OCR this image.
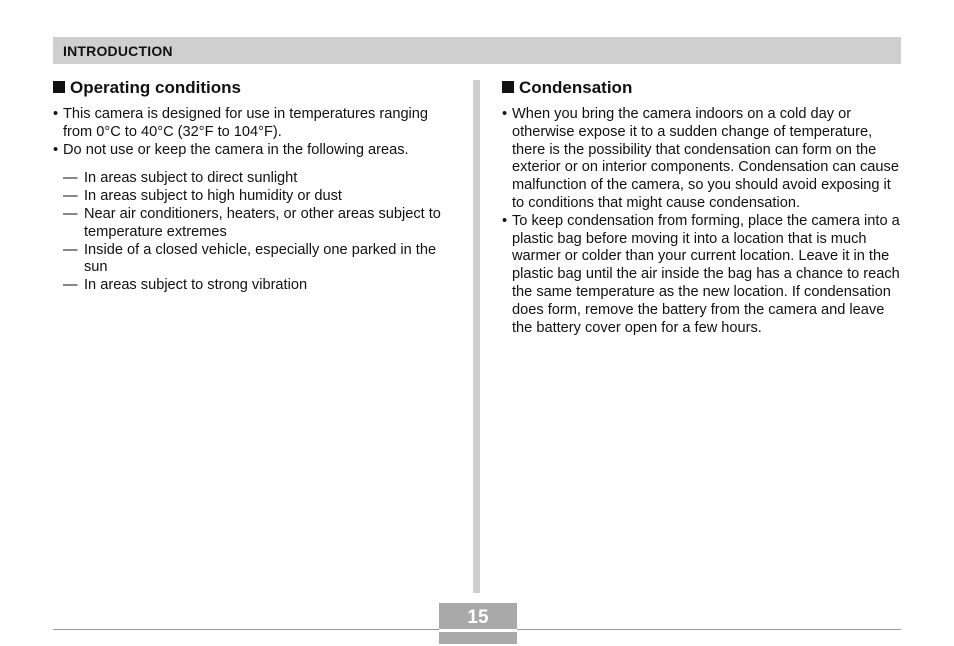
INTRODUCTION
Operating conditions
• This camera is designed for use in temperatures ranging from 0°C to 40°C (32°F to 104°F).
• Do not use or keep the camera in the following areas.
— In areas subject to direct sunlight
— In areas subject to high humidity or dust
— Near air conditioners, heaters, or other areas subject to temperature extremes
— Inside of a closed vehicle, especially one parked in the sun
— In areas subject to strong vibration
Condensation
• When you bring the camera indoors on a cold day or otherwise expose it to a sudden change of temperature, there is the possibility that condensation can form on the exterior or on interior components. Condensation can cause malfunction of the camera, so you should avoid exposing it to conditions that might cause condensation.
• To keep condensation from forming, place the camera into a plastic bag before moving it into a location that is much warmer or colder than your current location. Leave it in the plastic bag until the air inside the bag has a chance to reach the same temperature as the new location. If condensation does form, remove the battery from the camera and leave the battery cover open for a few hours.
15
